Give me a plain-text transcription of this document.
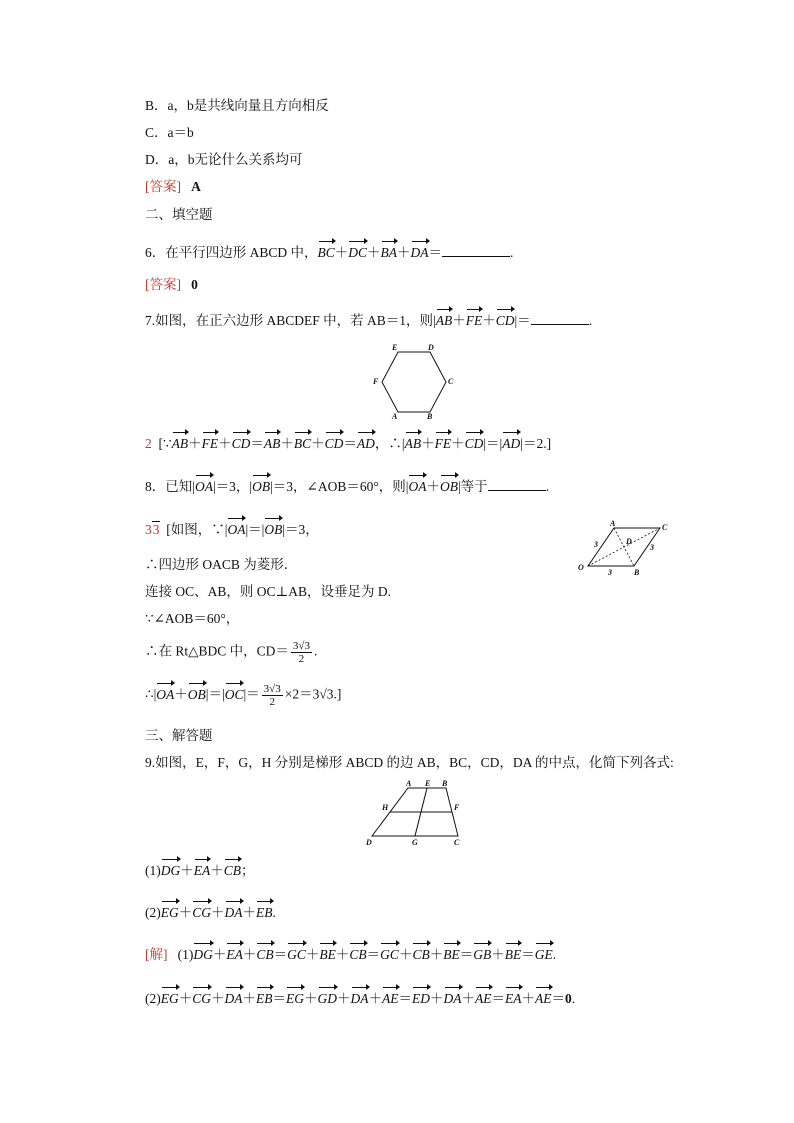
B．a，b是共线向量且方向相反
C．a＝b
D．a，b无论什么关系均可
[答案] A
二、填空题
6．在平行四边形 ABCD 中，BC＋DC＋BA＋DA＝	.
[答案] 0
7.如图，在正六边形 ABCDEF 中，若 AB＝1，则|AB＋FE＋CD|＝	.
E	D
F	C
A	B
2  [∵AB＋FE＋CD＝AB＋BC＋CD＝AD，∴|AB＋FE＋CD|＝|AD|＝2.]
8．已知|OA|＝3，|OB|＝3，∠AOB＝60°，则|OA＋OB|等于	.
33 [如图，∵|OA|＝|OB|＝3，
∴四边形 OACB 为菱形．
连接 OC、AB，则 OC⊥AB，设垂足为 D.
∵∠AOB＝60°，
∴在 Rt△BDC 中，$CD= \frac{3√3}{2}$ .
∴|OA＋OB|＝|OC|＝ $\frac{3√3}{2} \times 2=3√3$.]
A	C
D
O
B
3
3
3
三、解答题
9.如图，E，F，G，H 分别是梯形 ABCD 的边 AB，BC，CD，DA 的中点，化简下列各式:
A E B
H	F
D	G	C
(1)DG＋EA＋CB；
(2)EG＋CG＋DA＋EB.
[解]   (1)DG＋EA＋CB＝GC＋BE＋CB＝GC＋CB＋BE＝GB＋BE＝GE.
(2)EG＋CG＋DA＋EB＝EG＋GD＋DA＋AE＝ED＋DA＋AE＝EA＋AE＝0.
